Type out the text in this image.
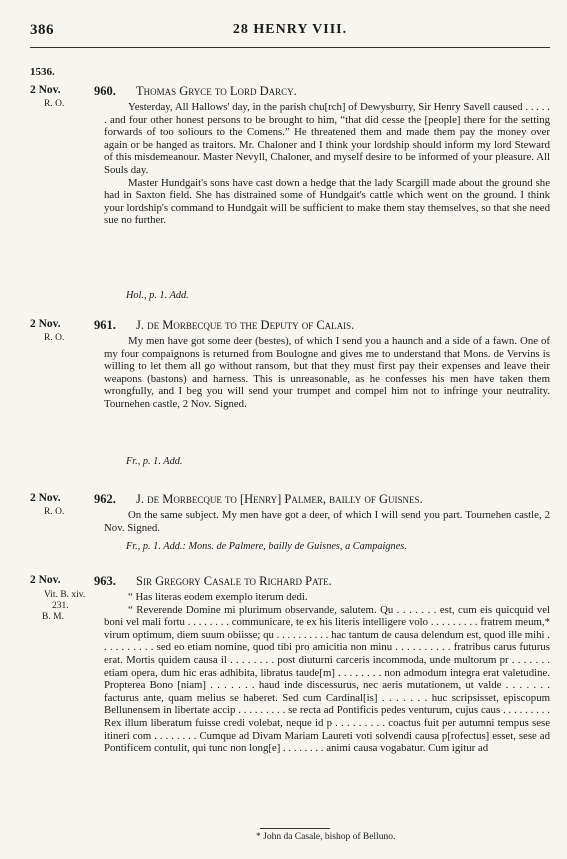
386	28 HENRY VIII.
1536.
2 Nov.
R. O.
960. Thomas Gryce to Lord Darcy.

Yesterday, All Hallows' day, in the parish chu[rch] of Dewysburry, Sir Henry Savell caused . . . . . . and four other honest persons to be brought to him, “that did cesse the [people] there for the setting forwards of too soliours to the Comens.” He threatened them and made them pay the money over again or be hanged as traitors. Mr. Chaloner and I think your lordship should inform my lord Steward of this misdemeanour. Master Nevyll, Chaloner, and myself desire to be informed of your pleasure. All Souls day.

Master Hundgait's sons have cast down a hedge that the lady Scargill made about the ground she had in Saxton field. She has distrained some of Hundgait's cattle which went on the ground. I think your lordship's command to Hundgait will be sufficient to make them stay themselves, so that she need sue no further.

Hol., p. 1. Add.
2 Nov.
R. O.
961. J. de Morbecque to the Deputy of Calais.

My men have got some deer (bestes), of which I send you a haunch and a side of a fawn. One of my four compaignons is returned from Boulogne and gives me to understand that Mons. de Vervins is willing to let them all go without ransom, but that they must first pay their expenses and leave their weapons (bastons) and harness. This is unreasonable, as he confesses his men have taken them wrongfully, and I beg you will send your trumpet and compel him not to infringe your neutrality. Tournehen castle, 2 Nov. Signed.

Fr., p. 1. Add.
2 Nov.
R. O.
962. J. de Morbecque to [Henry] Palmer, bailly of Guisnes.

On the same subject. My men have got a deer, of which I will send you part. Tournehen castle, 2 Nov. Signed.

Fr., p. 1. Add.: Mons. de Palmere, bailly de Guisnes, a Campaignes.
2 Nov.
Vit. B. xiv.
231.
B. M.
963. Sir Gregory Casale to Richard Pate.

“ Has literas eodem exemplo iterum dedi.

“ Reverende Domine mi plurimum observande, salutem. Qu . . . . . . . est, cum eis quicquid vel boni vel mali fortu . . . . . . . . communicare, te ex his literis intelligere volo . . . . . . . . . fratrem meum,* virum optimum, diem suum obiisse; qu . . . . . . . . . . hac tantum de causa delendum est, quod ille mihi . . . . . . . . . . sed eo etiam nomine, quod tibi pro amicitia non minu . . . . . . . . . . fratribus carus futurus erat. Mortis quidem causa il . . . . . . . . post diuturni carceris incommoda, unde multorum pr . . . . . . . etiam opera, dum hic eras adhibita, libratus taude[m] . . . . . . . . non admodum integra erat valetudine. Propterea Bono [niam] . . . . . . . haud inde discessurus, nec aeris mutationem, ut valde . . . . . . . facturus ante, quam melius se haberet. Sed cum Cardinal[is] . . . . . . . huc scripsisset, episcopum Bellunensem in libertate accip . . . . . . . . . se recta ad Pontificis pedes venturum, cujus caus . . . . . . . . . Rex illum liberatum fuisse credi volebat, neque id p . . . . . . . . . coactus fuit per autumni tempus sese itineri com . . . . . . . . Cumque ad Divam Mariam Laureti voti solvendi causa p[rofectus] esset, sese ad Pontificem contulit, qui tunc non long[e] . . . . . . . . animi causa vogabatur. Cum igitur ad

* John da Casale, bishop of Belluno.
